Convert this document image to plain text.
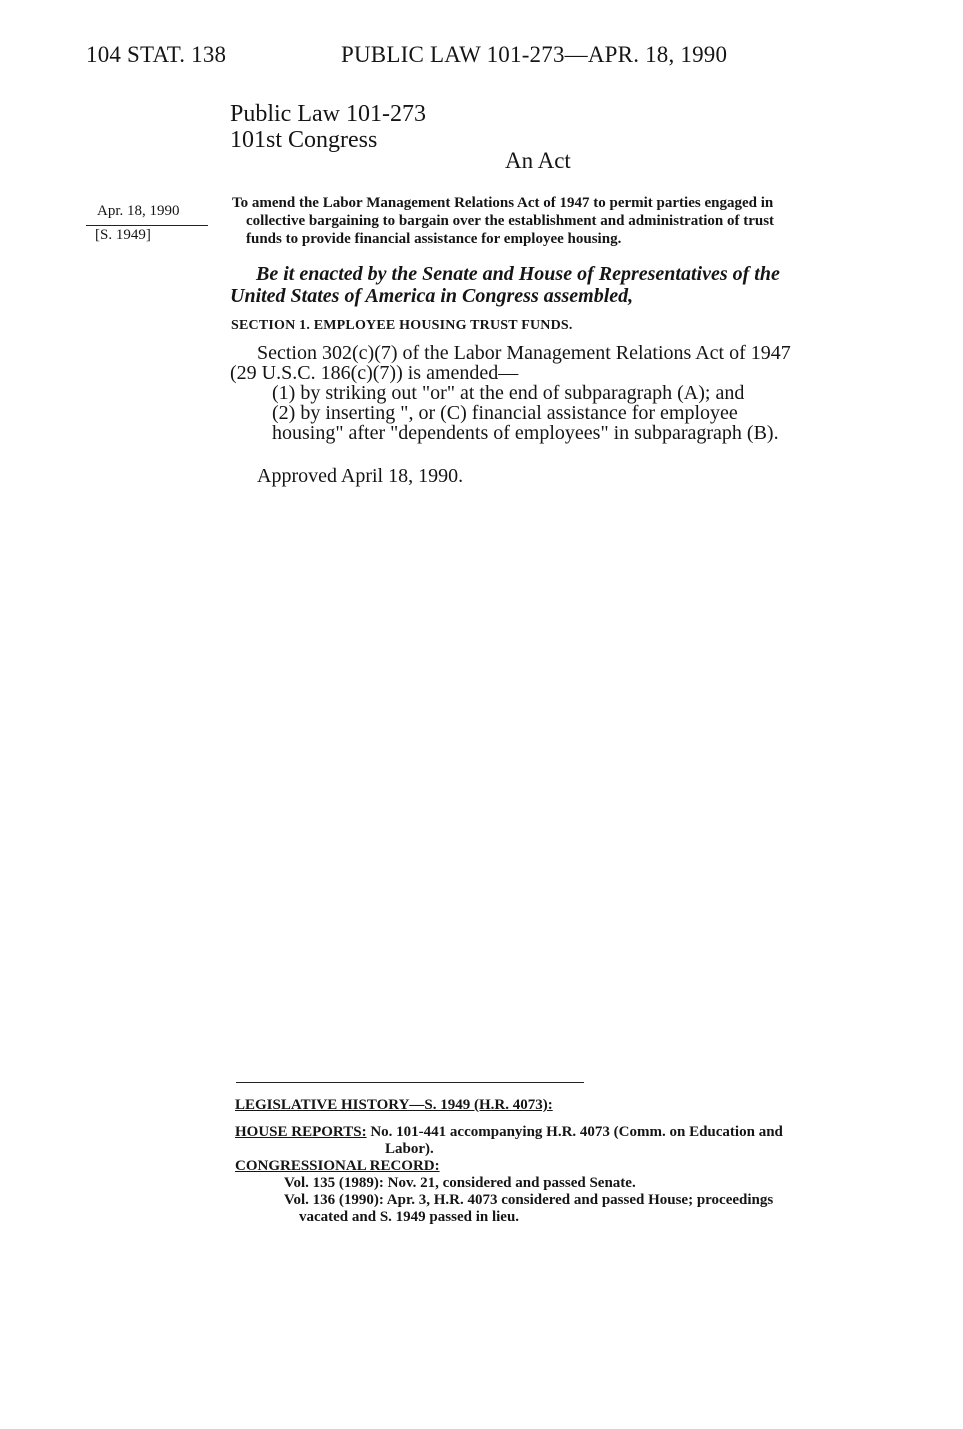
104 STAT. 138	PUBLIC LAW 101-273—APR. 18, 1990
Public Law 101-273
101st Congress
An Act
Apr. 18, 1990
[S. 1949]
To amend the Labor Management Relations Act of 1947 to permit parties engaged in
collective bargaining to bargain over the establishment and administration of trust
funds to provide financial assistance for employee housing.
Be it enacted by the Senate and House of Representatives of the
United States of America in Congress assembled,
SECTION 1. EMPLOYEE HOUSING TRUST FUNDS.
Section 302(c)(7) of the Labor Management Relations Act of 1947
(29 U.S.C. 186(c)(7)) is amended—
(1) by striking out "or" at the end of subparagraph (A); and
(2) by inserting ", or (C) financial assistance for employee
housing" after "dependents of employees" in subparagraph (B).
Approved April 18, 1990.
LEGISLATIVE HISTORY—S. 1949 (H.R. 4073):
HOUSE REPORTS: No. 101-441 accompanying H.R. 4073 (Comm. on Education and
Labor).
CONGRESSIONAL RECORD:
Vol. 135 (1989): Nov. 21, considered and passed Senate.
Vol. 136 (1990): Apr. 3, H.R. 4073 considered and passed House; proceedings
vacated and S. 1949 passed in lieu.
